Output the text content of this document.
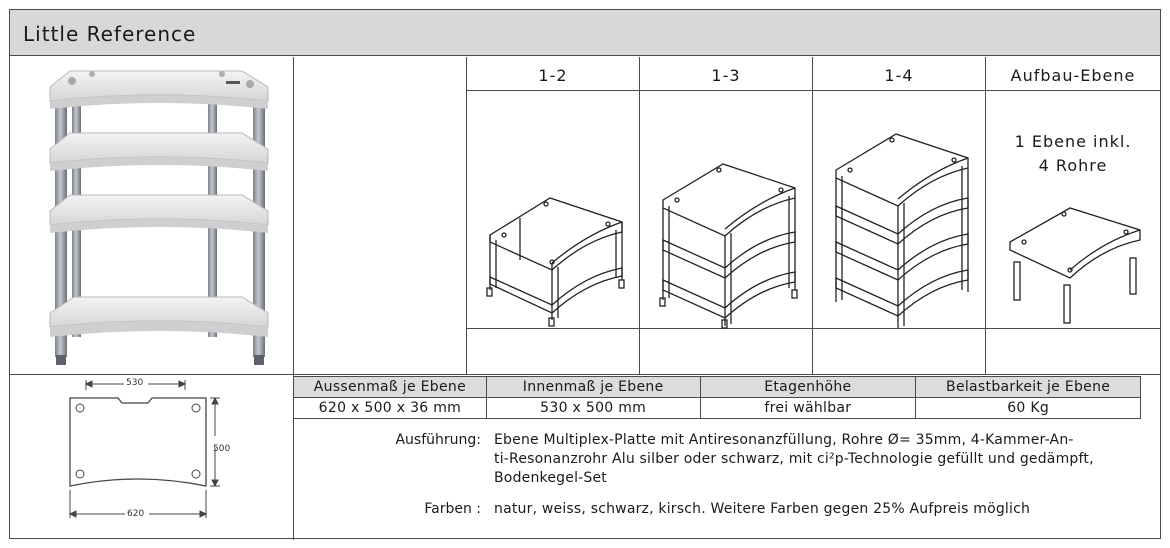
Little Reference
1-2	1-3	1-4	Aufbau-Ebene
1 Ebene inkl.
4 Rohre
530
500
620
Aussenmaß je Ebene	Innenmaß je Ebene	Etagenhöhe	Belastbarkeit je Ebene
620 x 500 x 36 mm	530 x 500 mm	frei wählbar	60 Kg
Ausführung: Ebene Multiplex-Platte mit Antiresonanzfüllung, Rohre Ø= 35mm, 4-Kammer-An-
ti-Resonanzrohr Alu silber oder schwarz, mit ci²p-Technologie gefüllt und gedämpft,
Bodenkegel-Set
Farben : natur, weiss, schwarz, kirsch. Weitere Farben gegen 25% Aufpreis möglich
